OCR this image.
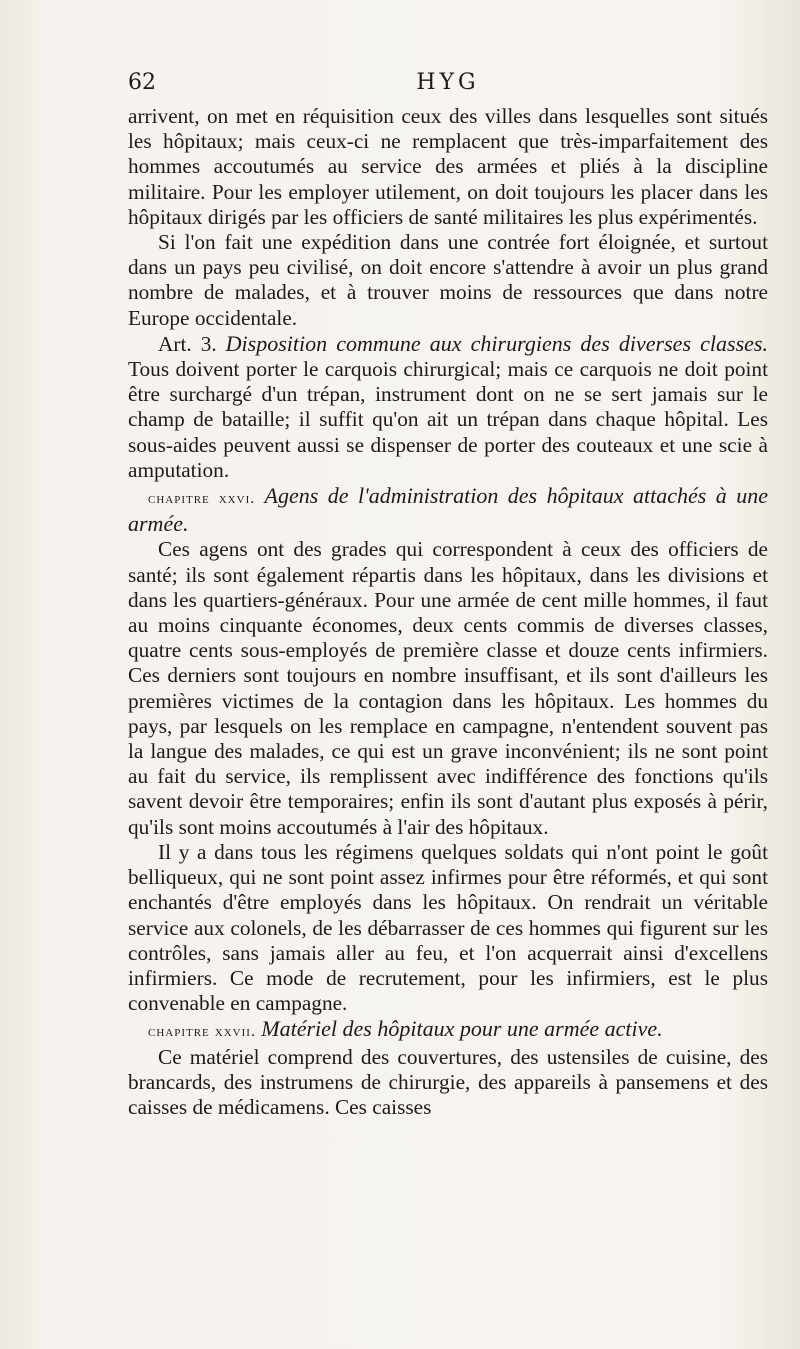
62	HYG

arrivent, on met en réquisition ceux des villes dans lesquelles sont situés les hôpitaux; mais ceux-ci ne remplacent que très-imparfaitement des hommes accoutumés au service des armées et pliés à la discipline militaire. Pour les employer utilement, on doit toujours les placer dans les hôpitaux dirigés par les officiers de santé militaires les plus expérimentés.

Si l'on fait une expédition dans une contrée fort éloignée, et surtout dans un pays peu civilisé, on doit encore s'attendre à avoir un plus grand nombre de malades, et à trouver moins de ressources que dans notre Europe occidentale.

Art. 3. Disposition commune aux chirurgiens des diverses classes. Tous doivent porter le carquois chirurgical; mais ce carquois ne doit point être surchargé d'un trépan, instrument dont on ne se sert jamais sur le champ de bataille; il suffit qu'on ait un trépan dans chaque hôpital. Les sous-aides peuvent aussi se dispenser de porter des couteaux et une scie à amputation.

chapitre xxvi. Agens de l'administration des hôpitaux attachés à une armée.

Ces agens ont des grades qui correspondent à ceux des officiers de santé; ils sont également répartis dans les hôpitaux, dans les divisions et dans les quartiers-généraux. Pour une armée de cent mille hommes, il faut au moins cinquante économes, deux cents commis de diverses classes, quatre cents sous-employés de première classe et douze cents infirmiers. Ces derniers sont toujours en nombre insuffisant, et ils sont d'ailleurs les premières victimes de la contagion dans les hôpitaux. Les hommes du pays, par lesquels on les remplace en campagne, n'entendent souvent pas la langue des malades, ce qui est un grave inconvénient; ils ne sont point au fait du service, ils remplissent avec indifférence des fonctions qu'ils savent devoir être temporaires; enfin ils sont d'autant plus exposés à périr, qu'ils sont moins accoutumés à l'air des hôpitaux.

Il y a dans tous les régimens quelques soldats qui n'ont point le goût belliqueux, qui ne sont point assez infirmes pour être réformés, et qui sont enchantés d'être employés dans les hôpitaux. On rendrait un véritable service aux colonels, de les débarrasser de ces hommes qui figurent sur les contrôles, sans jamais aller au feu, et l'on acquerrait ainsi d'excellens infirmiers. Ce mode de recrutement, pour les infirmiers, est le plus convenable en campagne.

chapitre xxvii. Matériel des hôpitaux pour une armée active.

Ce matériel comprend des couvertures, des ustensiles de cuisine, des brancards, des instrumens de chirurgie, des appareils à pansemens et des caisses de médicamens. Ces caisses
